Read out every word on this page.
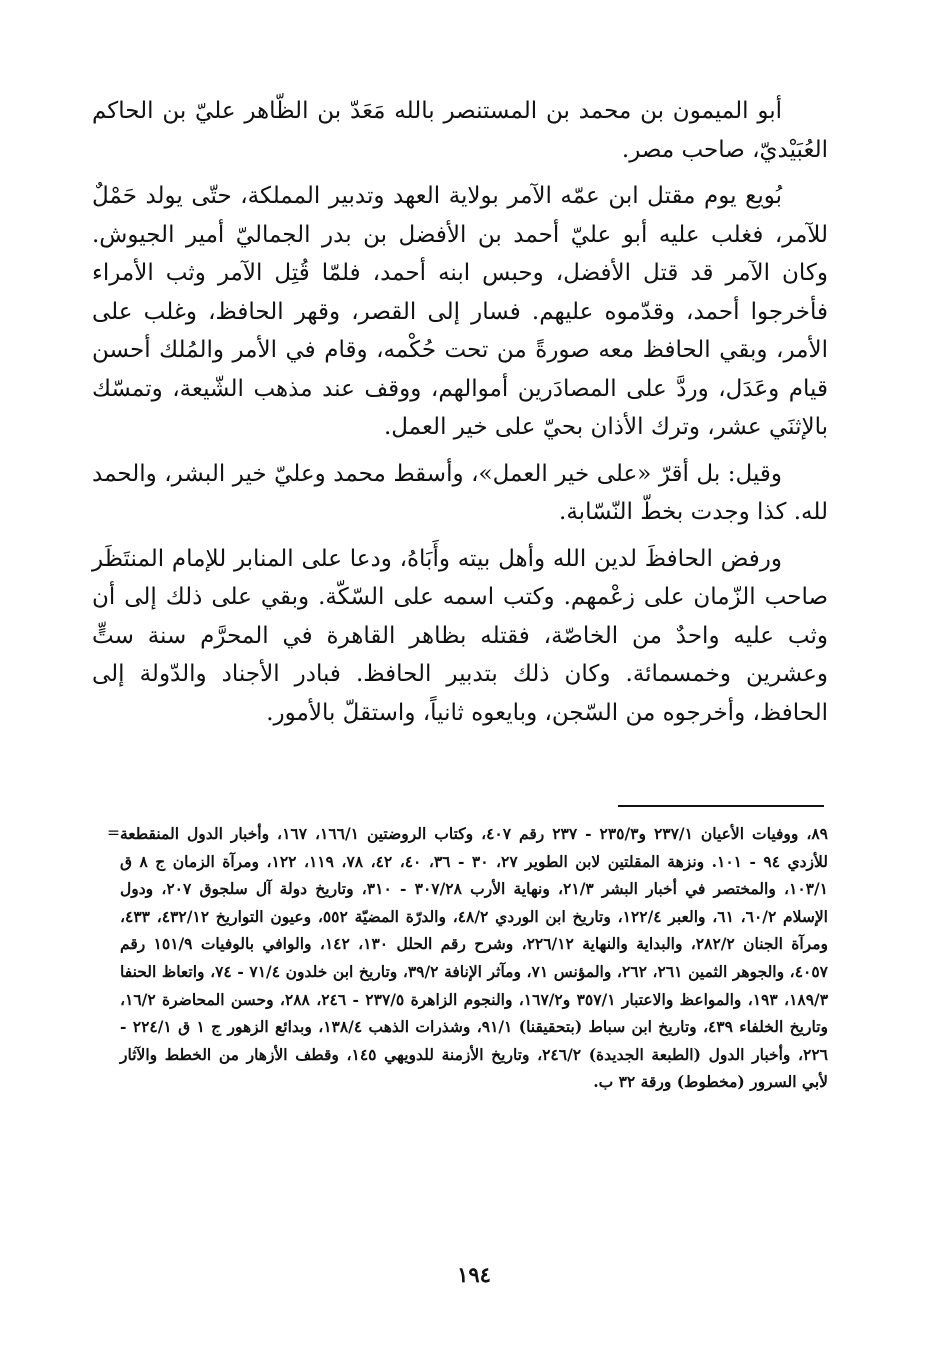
أبو الميمون بن محمد بن المستنصر بالله مَعَدّ بن الظّاهر عليّ بن الحاكم العُبَيْديّ، صاحب مصر.

بُويع يوم مقتل ابن عمّه الآمر بولاية العهد وتدبير المملكة، حتّى يولد حَمْلٌ للآمر، فغلب عليه أبو عليّ أحمد بن الأفضل بن بدر الجماليّ أمير الجيوش. وكان الآمر قد قتل الأفضل، وحبس ابنه أحمد، فلمّا قُتِل الآمر وثب الأمراء فأخرجوا أحمد، وقدّموه عليهم. فسار إلى القصر، وقهر الحافظ، وغلب على الأمر، وبقي الحافظ معه صورةً من تحت حُكْمه، وقام في الأمر والمُلك أحسن قيام وعَدَل، وردَّ على المصادَرين أموالهم، ووقف عند مذهب الشّيعة، وتمسّك بالإثنَي عشر، وترك الأذان بحيّ على خير العمل.

وقيل: بل أقرّ «على خير العمل»، وأسقط محمد وعليّ خير البشر، والحمد لله. كذا وجدت بخطّ النّسّابة.

ورفض الحافظَ لدين الله وأهل بيته وأَبَاهُ، ودعا على المنابر للإمام المنتَظَر صاحب الزّمان على زعْمهم. وكتب اسمه على السّكّة. وبقي على ذلك إلى أن وثب عليه واحدٌ من الخاصّة، فقتله بظاهر القاهرة في المحرَّم سنة ستٍّ وعشرين وخمسمائة. وكان ذلك بتدبير الحافظ. فبادر الأجناد والدّولة إلى الحافظ، وأخرجوه من السّجن، وبايعوه ثانياً، واستقلّ بالأمور.

٨٩، ووفيات الأعيان ٢٣٧/١ و٢٣٥/٣ - ٢٣٧ رقم ٤٠٧، وكتاب الروضتين ١٦٦/١، ١٦٧، وأخبار الدول المنقطعة للأزدي ٩٤ - ١٠١. ونزهة المقلتين لابن الطوير ٢٧، ٣٠ - ٣٦، ٤٠، ٤٢، ٧٨، ١١٩، ١٢٢، ومرآة الزمان ج ٨ ق ١٠٣/١، والمختصر في أخبار البشر ٢١/٣، ونهاية الأرب ٣٠٧/٢٨ - ٣١٠، وتاريخ دولة آل سلجوق ٢٠٧، ودول الإسلام ٦٠/٢، ٦١، والعبر ١٢٢/٤، وتاريخ ابن الوردي ٤٨/٢، والدرّة المضيّة ٥٥٢، وعيون التواريخ ٤٣٢/١٢، ٤٣٣، ومرآة الجنان ٢٨٢/٢، والبداية والنهاية ٢٢٦/١٢، وشرح رقم الحلل ١٣٠، ١٤٢، والوافي بالوفيات ١٥١/٩ رقم ٤٠٥٧، والجوهر الثمين ٢٦١، ٢٦٢، والمؤنس ٧١، ومآثر الإنافة ٣٩/٢، وتاريخ ابن خلدون ٧١/٤ - ٧٤، واتعاظ الحنفا ١٨٩/٣، ١٩٣، والمواعظ والاعتبار ٣٥٧/١ و١٦٧/٢، والنجوم الزاهرة ٢٣٧/٥ - ٢٤٦، ٢٨٨، وحسن المحاضرة ١٦/٢، وتاريخ الخلفاء ٤٣٩، وتاريخ ابن سباط (بتحقيقنا) ٩١/١، وشذرات الذهب ١٣٨/٤، وبدائع الزهور ج ١ ق ٢٢٤/١ - ٢٢٦، وأخبار الدول (الطبعة الجديدة) ٢٤٦/٢، وتاريخ الأزمنة للدويهي ١٤٥، وقطف الأزهار من الخطط والآثار لأبي السرور (مخطوط) ورقة ٣٢ ب.

=
١٩٤
